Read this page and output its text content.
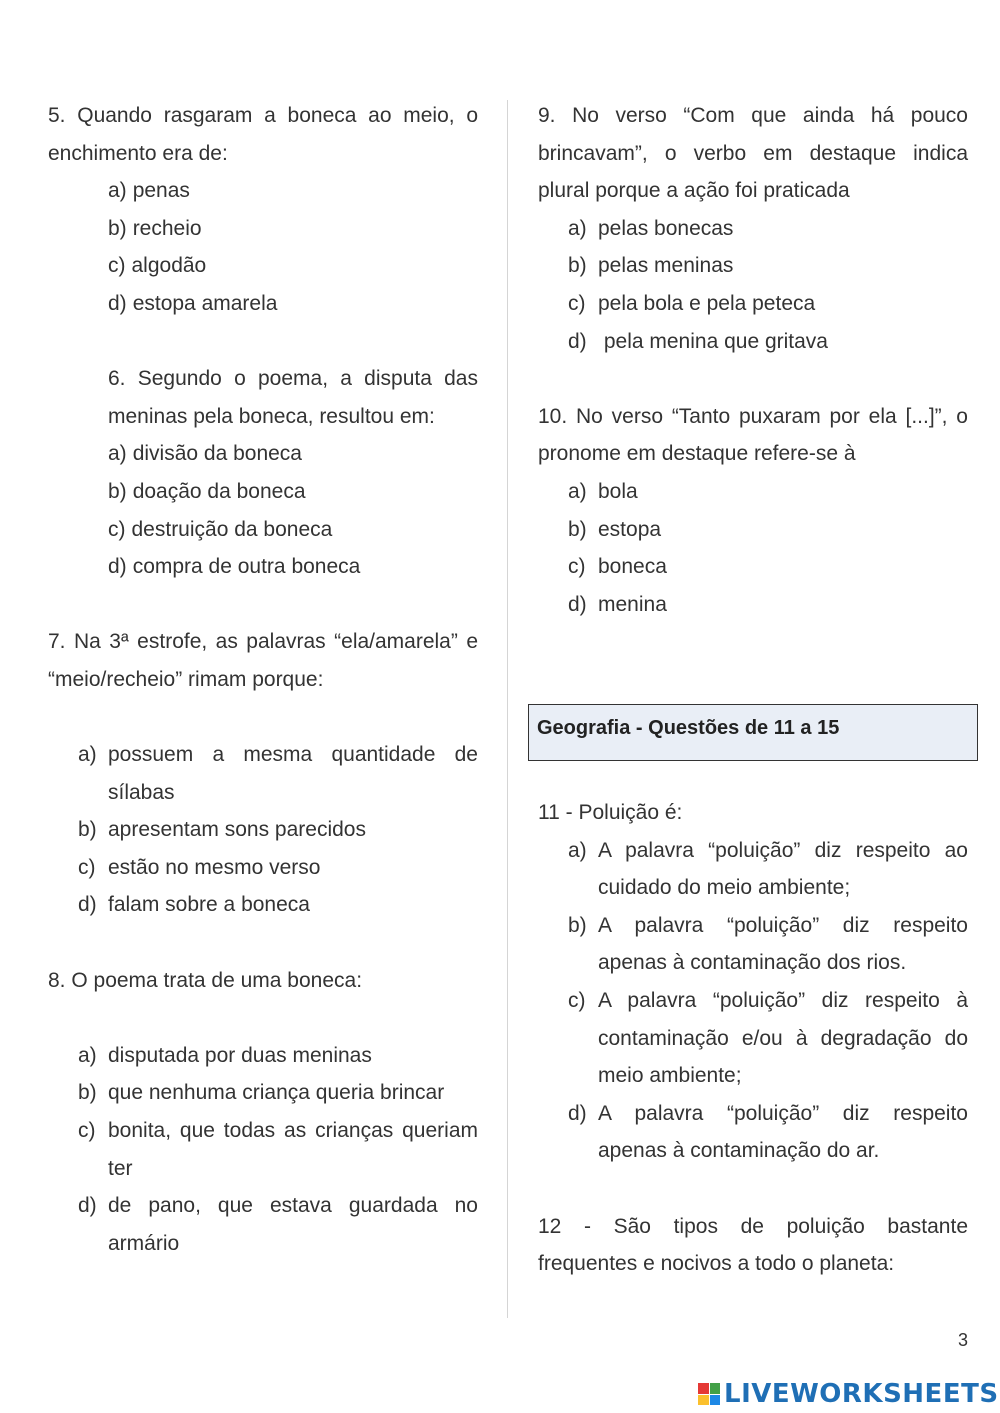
5. Quando rasgaram a boneca ao meio, o enchimento era de:

a) penas
b) recheio
c) algodão
d) estopa amarela

6. Segundo o poema, a disputa das meninas pela boneca, resultou em:

a) divisão da boneca
b) doação da boneca
c) destruição da boneca
d) compra de outra boneca

7. Na 3ª estrofe, as palavras “ela/amarela” e “meio/recheio” rimam porque:

a) possuem a mesma quantidade de sílabas
b) apresentam sons parecidos
c) estão no mesmo verso
d) falam sobre a boneca

8. O poema trata de uma boneca:

a) disputada por duas meninas
b) que nenhuma criança queria brincar
c) bonita, que todas as crianças queriam ter
d) de pano, que estava guardada no armário

9. No verso “Com que ainda há pouco brincavam”, o verbo em destaque indica plural porque a ação foi praticada

a) pelas bonecas
b) pelas meninas
c) pela bola e pela peteca
d) pela menina que gritava

10. No verso “Tanto puxaram por ela [...]”, o pronome em destaque refere-se à

a) bola
b) estopa
c) boneca
d) menina
Geografia - Questões de 11 a 15

11 - Poluição é:

a) A palavra “poluição” diz respeito ao cuidado do meio ambiente;
b) A palavra “poluição” diz respeito apenas à contaminação dos rios.
c) A palavra “poluição” diz respeito à contaminação e/ou à degradação do meio ambiente;
d) A palavra “poluição” diz respeito apenas à contaminação do ar.

12 - São tipos de poluição bastante frequentes e nocivos a todo o planeta:

3
LIVEWORKSHEETS
